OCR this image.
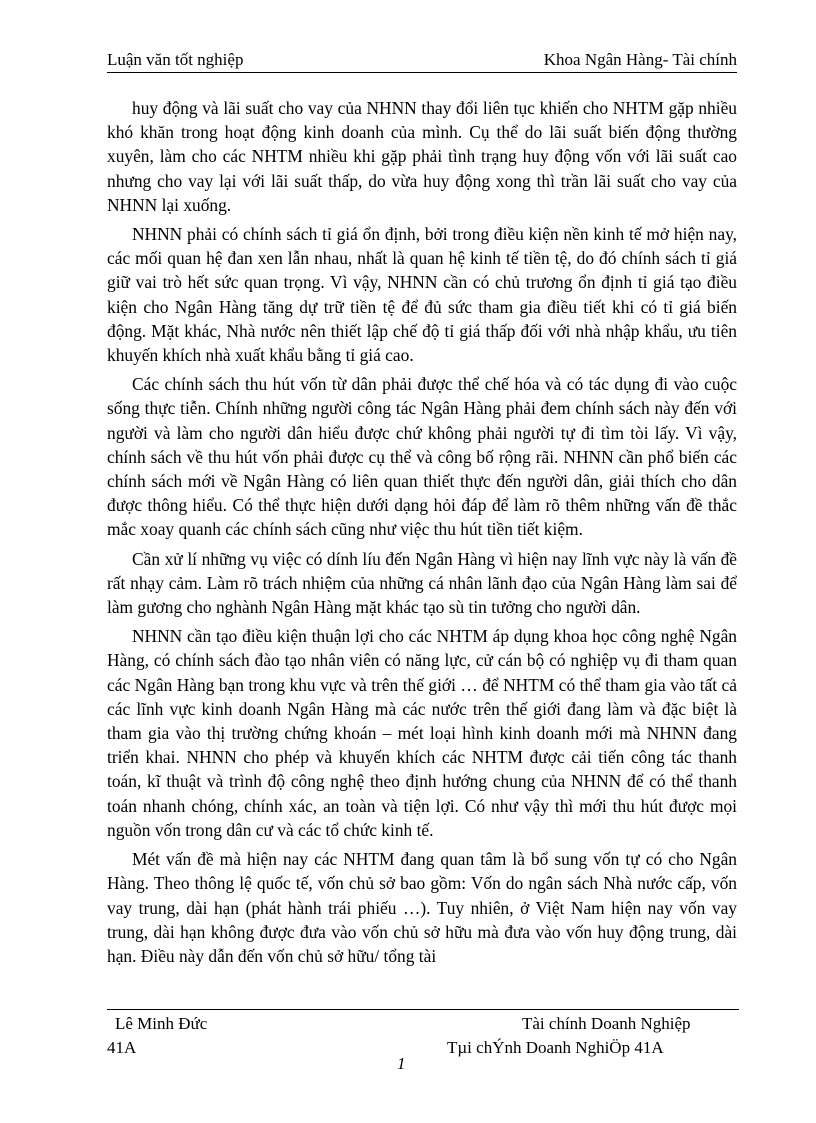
Luận văn tốt nghiệp	Khoa Ngân Hàng- Tài chính

huy động và lãi suất cho vay của NHNN thay đổi liên tục khiến cho NHTM gặp nhiều khó khăn trong hoạt động kinh doanh của mình. Cụ thể do lãi suất biến động thường xuyên, làm cho các NHTM nhiều khi gặp phải tình trạng huy động vốn với lãi suất cao nhưng cho vay lại với lãi suất thấp, do vừa huy động xong thì trần lãi suất cho vay của NHNN lại xuống.

NHNN phải có chính sách tỉ giá ổn định, bởi trong điều kiện nền kinh tế mở hiện nay, các mối quan hệ đan xen lẫn nhau, nhất là quan hệ kinh tế tiền tệ, do đó chính sách tỉ giá giữ vai trò hết sức quan trọng. Vì vậy, NHNN cần có chủ trương ổn định tỉ giá tạo điều kiện cho Ngân Hàng tăng dự trữ tiền tệ để đủ sức tham gia điều tiết khi có tỉ giá biến động. Mặt khác, Nhà nước nên thiết lập chế độ tỉ giá thấp đối với nhà nhập khẩu, ưu tiên khuyến khích nhà xuất khẩu bằng tỉ giá cao.

Các chính sách thu hút vốn từ dân phải được thể chế hóa và có tác dụng đi vào cuộc sống thực tiễn. Chính những người công tác Ngân Hàng phải đem chính sách này đến với người và làm cho người dân hiểu được chứ không phải người tự đi tìm tòi lấy. Vì vậy, chính sách về thu hút vốn phải được cụ thể và công bố rộng rãi. NHNN cần phổ biến các chính sách mới về Ngân Hàng có liên quan thiết thực đến người dân, giải thích cho dân được thông hiểu. Có thể thực hiện dưới dạng hỏi đáp để làm rõ thêm những vấn đề thắc mắc xoay quanh các chính sách cũng như việc thu hút tiền tiết kiệm.

Cần xử lí những vụ việc có dính líu đến Ngân Hàng vì hiện nay lĩnh vực này là vấn đề rất nhạy cảm. Làm rõ trách nhiệm của những cá nhân lãnh đạo của Ngân Hàng làm sai để làm gương cho nghành Ngân Hàng mặt khác tạo sù tin tưởng cho người dân.

NHNN cần tạo điều kiện thuận lợi cho các NHTM áp dụng khoa học công nghệ Ngân Hàng, có chính sách đào tạo nhân viên có năng lực, cử cán bộ có nghiệp vụ đi tham quan các Ngân Hàng bạn trong khu vực và trên thế giới … để NHTM có thể tham gia vào tất cả các lĩnh vực kinh doanh Ngân Hàng mà các nước trên thế giới đang làm và đặc biệt là tham gia vào thị trường chứng khoán – mét loại hình kinh doanh mới mà NHNN đang triển khai. NHNN cho phép và khuyến khích các NHTM được cải tiến công tác thanh toán, kĩ thuật và trình độ công nghệ theo định hướng chung của NHNN để có thể thanh toán nhanh chóng, chính xác, an toàn và tiện lợi. Có như vậy thì mới thu hút được mọi nguồn vốn trong dân cư và các tổ chức kinh tế.

Mét vấn đề mà hiện nay các NHTM đang quan tâm là bổ sung vốn tự có cho Ngân Hàng. Theo thông lệ quốc tế, vốn chủ sở bao gồm: Vốn do ngân sách Nhà nước cấp, vốn vay trung, dài hạn (phát hành trái phiếu …). Tuy nhiên, ở Việt Nam hiện nay vốn vay trung, dài hạn không được đưa vào vốn chủ sở hữu mà đưa vào vốn huy động trung, dài hạn. Điều này dẫn đến vốn chủ sở hữu/ tổng tài

Lê Minh Đức	Tài chính Doanh Nghiệp
41A	Tµi chÝnh Doanh NghiÖp 41A
1
